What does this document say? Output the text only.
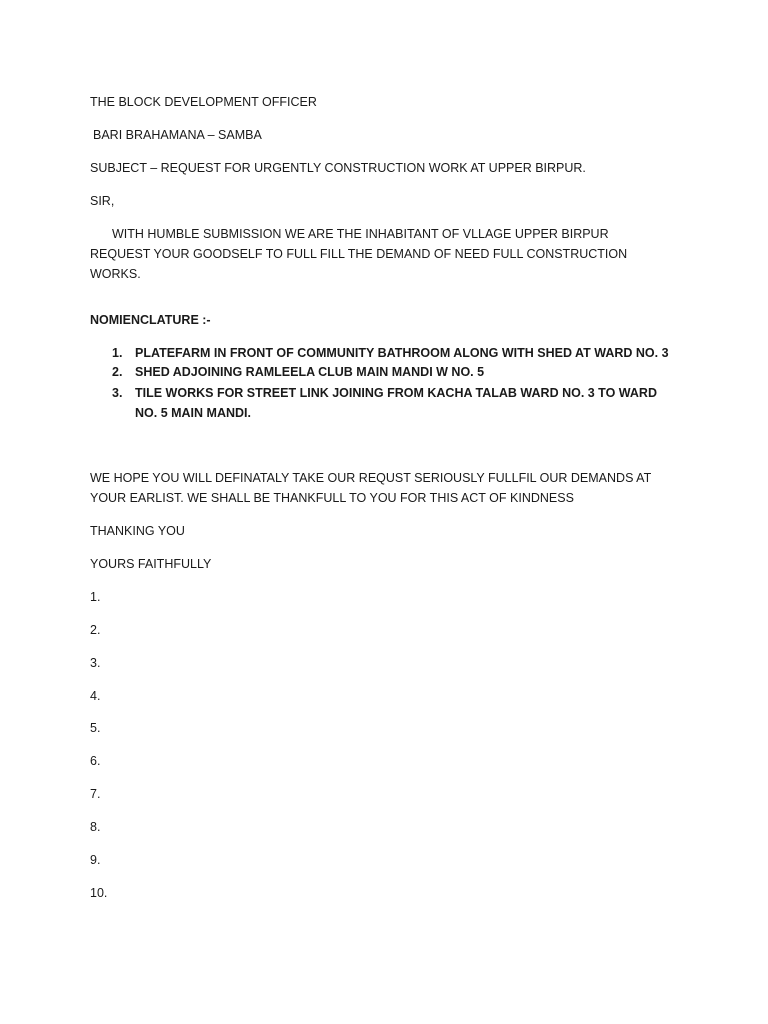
THE BLOCK DEVELOPMENT OFFICER
BARI BRAHAMANA – SAMBA
SUBJECT – REQUEST FOR URGENTLY CONSTRUCTION WORK AT UPPER BIRPUR.
SIR,
WITH HUMBLE SUBMISSION WE ARE THE INHABITANT OF VLLAGE UPPER BIRPUR REQUEST YOUR GOODSELF TO FULL FILL THE DEMAND OF NEED FULL CONSTRUCTION WORKS.
NOMIENCLATURE :-
1.	PLATEFARM IN FRONT OF COMMUNITY BATHROOM ALONG WITH SHED AT WARD NO. 3
2.	SHED ADJOINING RAMLEELA CLUB MAIN MANDI W NO. 5
3.	TILE WORKS FOR STREET LINK JOINING FROM KACHA TALAB WARD NO. 3 TO WARD NO. 5 MAIN MANDI.
WE HOPE YOU WILL DEFINATALY TAKE OUR REQUST SERIOUSLY FULLFIL OUR DEMANDS AT YOUR EARLIST. WE SHALL BE THANKFULL TO YOU FOR THIS ACT OF KINDNESS
THANKING YOU
YOURS FAITHFULLY
1.
2.
3.
4.
5.
6.
7.
8.
9.
10.
